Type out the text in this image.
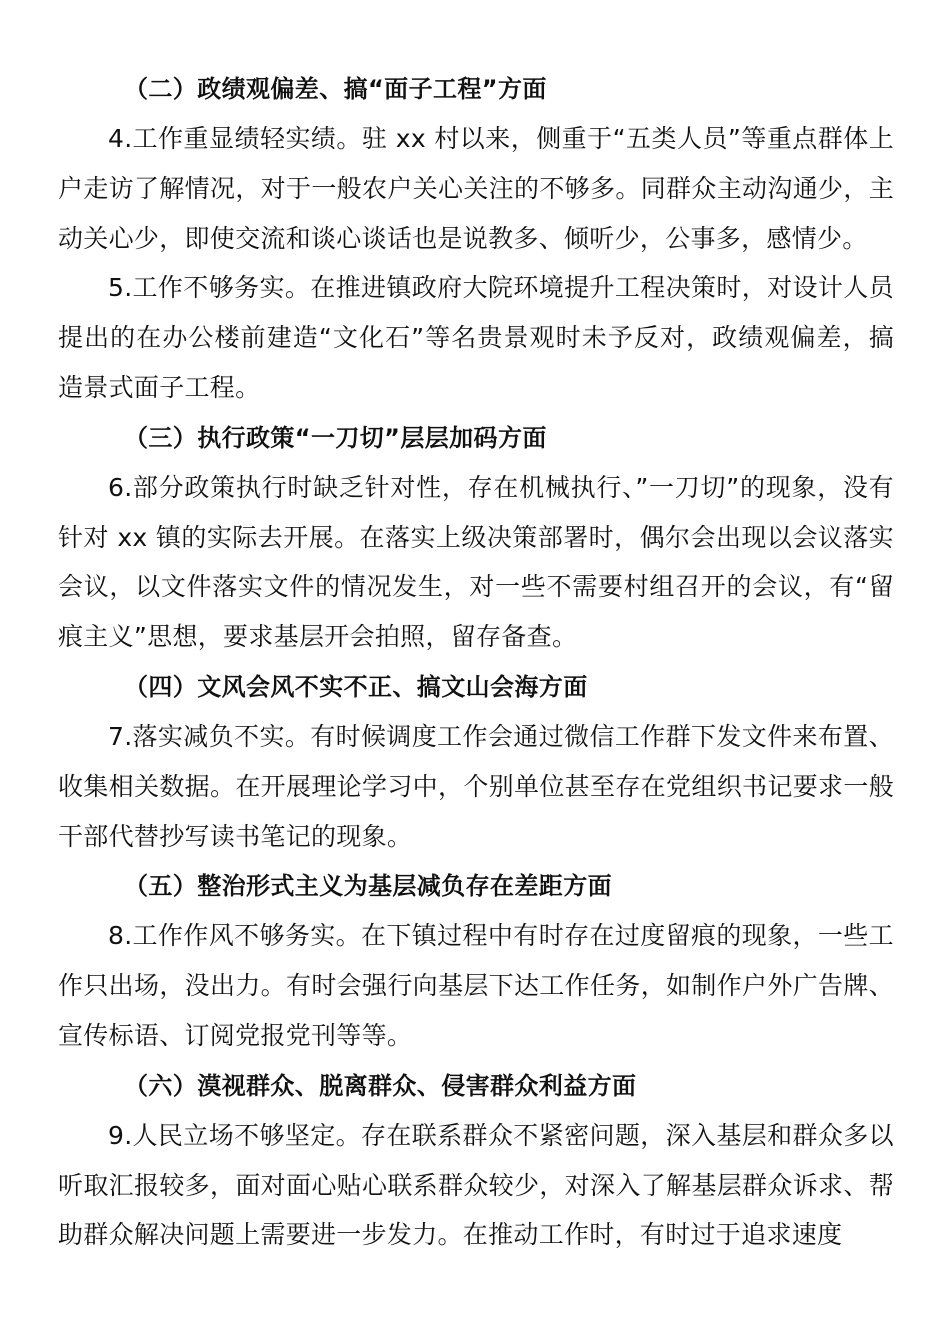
（二）政绩观偏差、搞“面子工程”方面

4.工作重显绩轻实绩。驻 xx 村以来，侧重于“五类人员”等重点群体上户走访了解情况，对于一般农户关心关注的不够多。同群众主动沟通少，主动关心少，即使交流和谈心谈话也是说教多、倾听少，公事多，感情少。

5.工作不够务实。在推进镇政府大院环境提升工程决策时，对设计人员提出的在办公楼前建造“文化石”等名贵景观时未予反对，政绩观偏差，搞造景式面子工程。

（三）执行政策“一刀切”层层加码方面

6.部分政策执行时缺乏针对性，存在机械执行、”一刀切”的现象，没有针对 xx 镇的实际去开展。在落实上级决策部署时，偶尔会出现以会议落实会议，以文件落实文件的情况发生，对一些不需要村组召开的会议，有“留痕主义”思想，要求基层开会拍照，留存备查。

（四）文风会风不实不正、搞文山会海方面

7.落实减负不实。有时候调度工作会通过微信工作群下发文件来布置、收集相关数据。在开展理论学习中，个别单位甚至存在党组织书记要求一般干部代替抄写读书笔记的现象。

（五）整治形式主义为基层减负存在差距方面

8.工作作风不够务实。在下镇过程中有时存在过度留痕的现象，一些工作只出场，没出力。有时会强行向基层下达工作任务，如制作户外广告牌、宣传标语、订阅党报党刊等等。

（六）漠视群众、脱离群众、侵害群众利益方面

9.人民立场不够坚定。存在联系群众不紧密问题，深入基层和群众多以听取汇报较多，面对面心贴心联系群众较少，对深入了解基层群众诉求、帮助群众解决问题上需要进一步发力。在推动工作时，有时过于追求速度
